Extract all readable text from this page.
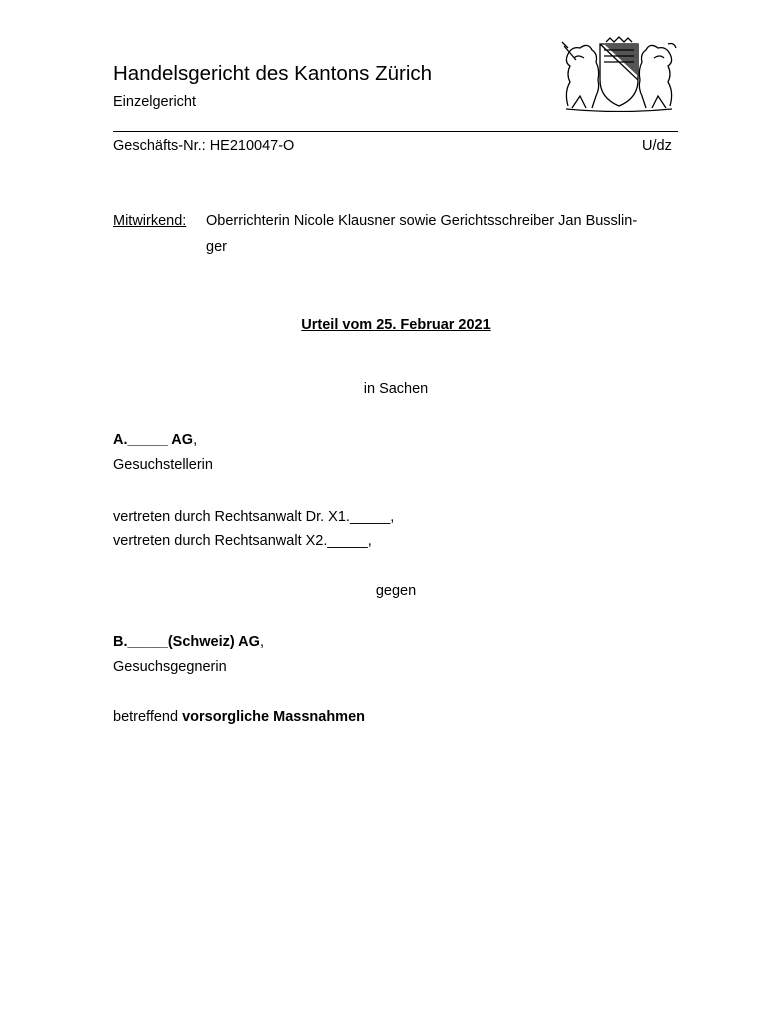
Handelsgericht des Kantons Zürich
Einzelgericht
Geschäfts-Nr.: HE210047-O	U/dz
Mitwirkend: Oberrichterin Nicole Klausner sowie Gerichtsschreiber Jan Busslin-
ger
Urteil vom 25. Februar 2021
in Sachen
A._____ AG,
Gesuchstellerin
vertreten durch Rechtsanwalt Dr. X1._____,
vertreten durch Rechtsanwalt X2._____,
gegen
B._____(Schweiz) AG,
Gesuchsgegnerin
betreffend vorsorgliche Massnahmen
